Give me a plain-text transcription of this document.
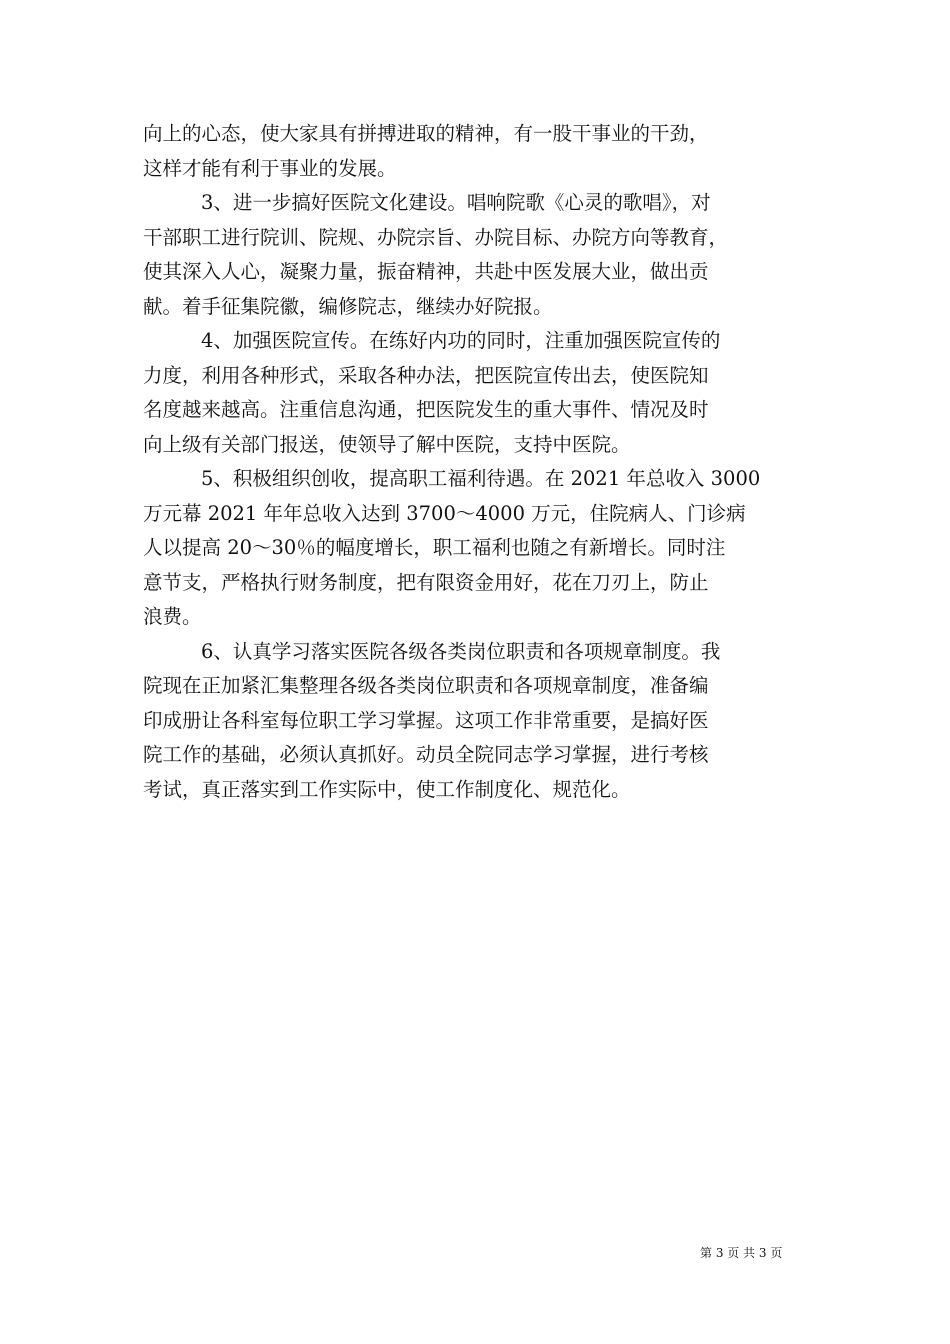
向上的心态，使大家具有拼搏进取的精神，有一股干事业的干劲，
这样才能有利于事业的发展。
3、进一步搞好医院文化建设。唱响院歌《心灵的歌唱》，对
干部职工进行院训、院规、办院宗旨、办院目标、办院方向等教育，
使其深入人心，凝聚力量，振奋精神，共赴中医发展大业，做出贡
献。着手征集院徽，编修院志，继续办好院报。
4、加强医院宣传。在练好内功的同时，注重加强医院宣传的
力度，利用各种形式，采取各种办法，把医院宣传出去，使医院知
名度越来越高。注重信息沟通，把医院发生的重大事件、情况及时
向上级有关部门报送，使领导了解中医院，支持中医院。
5、积极组织创收，提高职工福利待遇。在 2021 年总收入 3000
万元幕 2021 年年总收入达到 3700～4000 万元，住院病人、门诊病
人以提高 20～30％的幅度增长，职工福利也随之有新增长。同时注
意节支，严格执行财务制度，把有限资金用好，花在刀刃上，防止
浪费。
6、认真学习落实医院各级各类岗位职责和各项规章制度。我
院现在正加紧汇集整理各级各类岗位职责和各项规章制度，准备编
印成册让各科室每位职工学习掌握。这项工作非常重要，是搞好医
院工作的基础，必须认真抓好。动员全院同志学习掌握，进行考核
考试，真正落实到工作实际中，使工作制度化、规范化。
第 3 页 共 3 页
